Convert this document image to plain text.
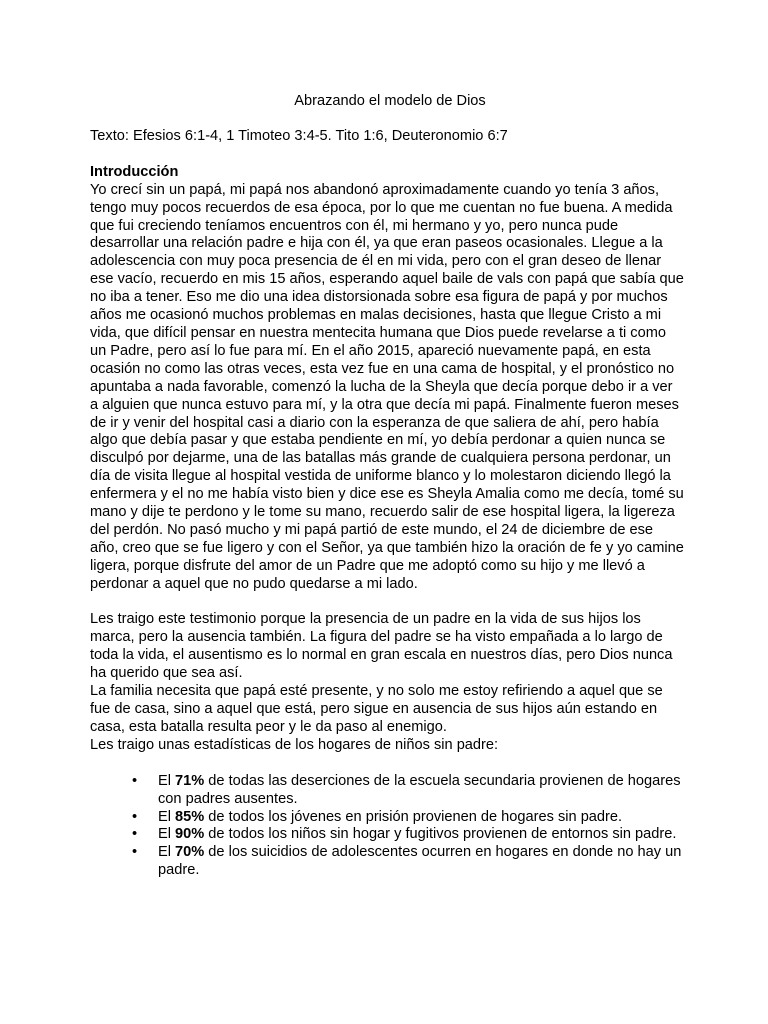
Abrazando el modelo de Dios

Texto: Efesios 6:1-4, 1 Timoteo 3:4-5. Tito 1:6, Deuteronomio 6:7

Introducción

Yo crecí sin un papá, mi papá nos abandonó aproximadamente cuando yo tenía 3 años, tengo muy pocos recuerdos de esa época, por lo que me cuentan no fue buena. A medida que fui creciendo teníamos encuentros con él, mi hermano y yo, pero nunca pude desarrollar una relación padre e hija con él, ya que eran paseos ocasionales. Llegue a la adolescencia con muy poca presencia de él en mi vida, pero con el gran deseo de llenar ese vacío, recuerdo en mis 15 años, esperando aquel baile de vals con papá que sabía que no iba a tener. Eso me dio una idea distorsionada sobre esa figura de papá y por muchos años me ocasionó muchos problemas en malas decisiones, hasta que llegue Cristo a mi vida, que difícil pensar en nuestra mentecita humana que Dios puede revelarse a ti como un Padre, pero así lo fue para mí. En el año 2015, apareció nuevamente papá, en esta ocasión no como las otras veces, esta vez fue en una cama de hospital, y el pronóstico no apuntaba a nada favorable, comenzó la lucha de la Sheyla que decía porque debo ir a ver a alguien que nunca estuvo para mí, y la otra que decía mi papá. Finalmente fueron meses de ir y venir del hospital casi a diario con la esperanza de que saliera de ahí, pero había algo que debía pasar y que estaba pendiente en mí, yo debía perdonar a quien nunca se disculpó por dejarme, una de las batallas más grande de cualquiera persona perdonar, un día de visita llegue al hospital vestida de uniforme blanco y lo molestaron diciendo llegó la enfermera y el no me había visto bien y dice ese es Sheyla Amalia como me decía, tomé su mano y dije te perdono y le tome su mano, recuerdo salir de ese hospital ligera, la ligereza del perdón. No pasó mucho y mi papá partió de este mundo, el 24 de diciembre de ese año, creo que se fue ligero y con el Señor, ya que también hizo la oración de fe y yo camine ligera, porque disfrute del amor de un Padre que me adoptó como su hijo y me llevó a perdonar a aquel que no pudo quedarse a mi lado.

Les traigo este testimonio porque la presencia de un padre en la vida de sus hijos los marca, pero la ausencia también. La figura del padre se ha visto empañada a lo largo de toda la vida, el ausentismo es lo normal en gran escala en nuestros días, pero Dios nunca ha querido que sea así.

La familia necesita que papá esté presente, y no solo me estoy refiriendo a aquel que se fue de casa, sino a aquel que está, pero sigue en ausencia de sus hijos aún estando en casa, esta batalla resulta peor y le da paso al enemigo.

Les traigo unas estadísticas de los hogares de niños sin padre:

• El 71% de todas las deserciones de la escuela secundaria provienen de hogares con padres ausentes.
• El 85% de todos los jóvenes en prisión provienen de hogares sin padre.
• El 90% de todos los niños sin hogar y fugitivos provienen de entornos sin padre.
• El 70% de los suicidios de adolescentes ocurren en hogares en donde no hay un padre.
